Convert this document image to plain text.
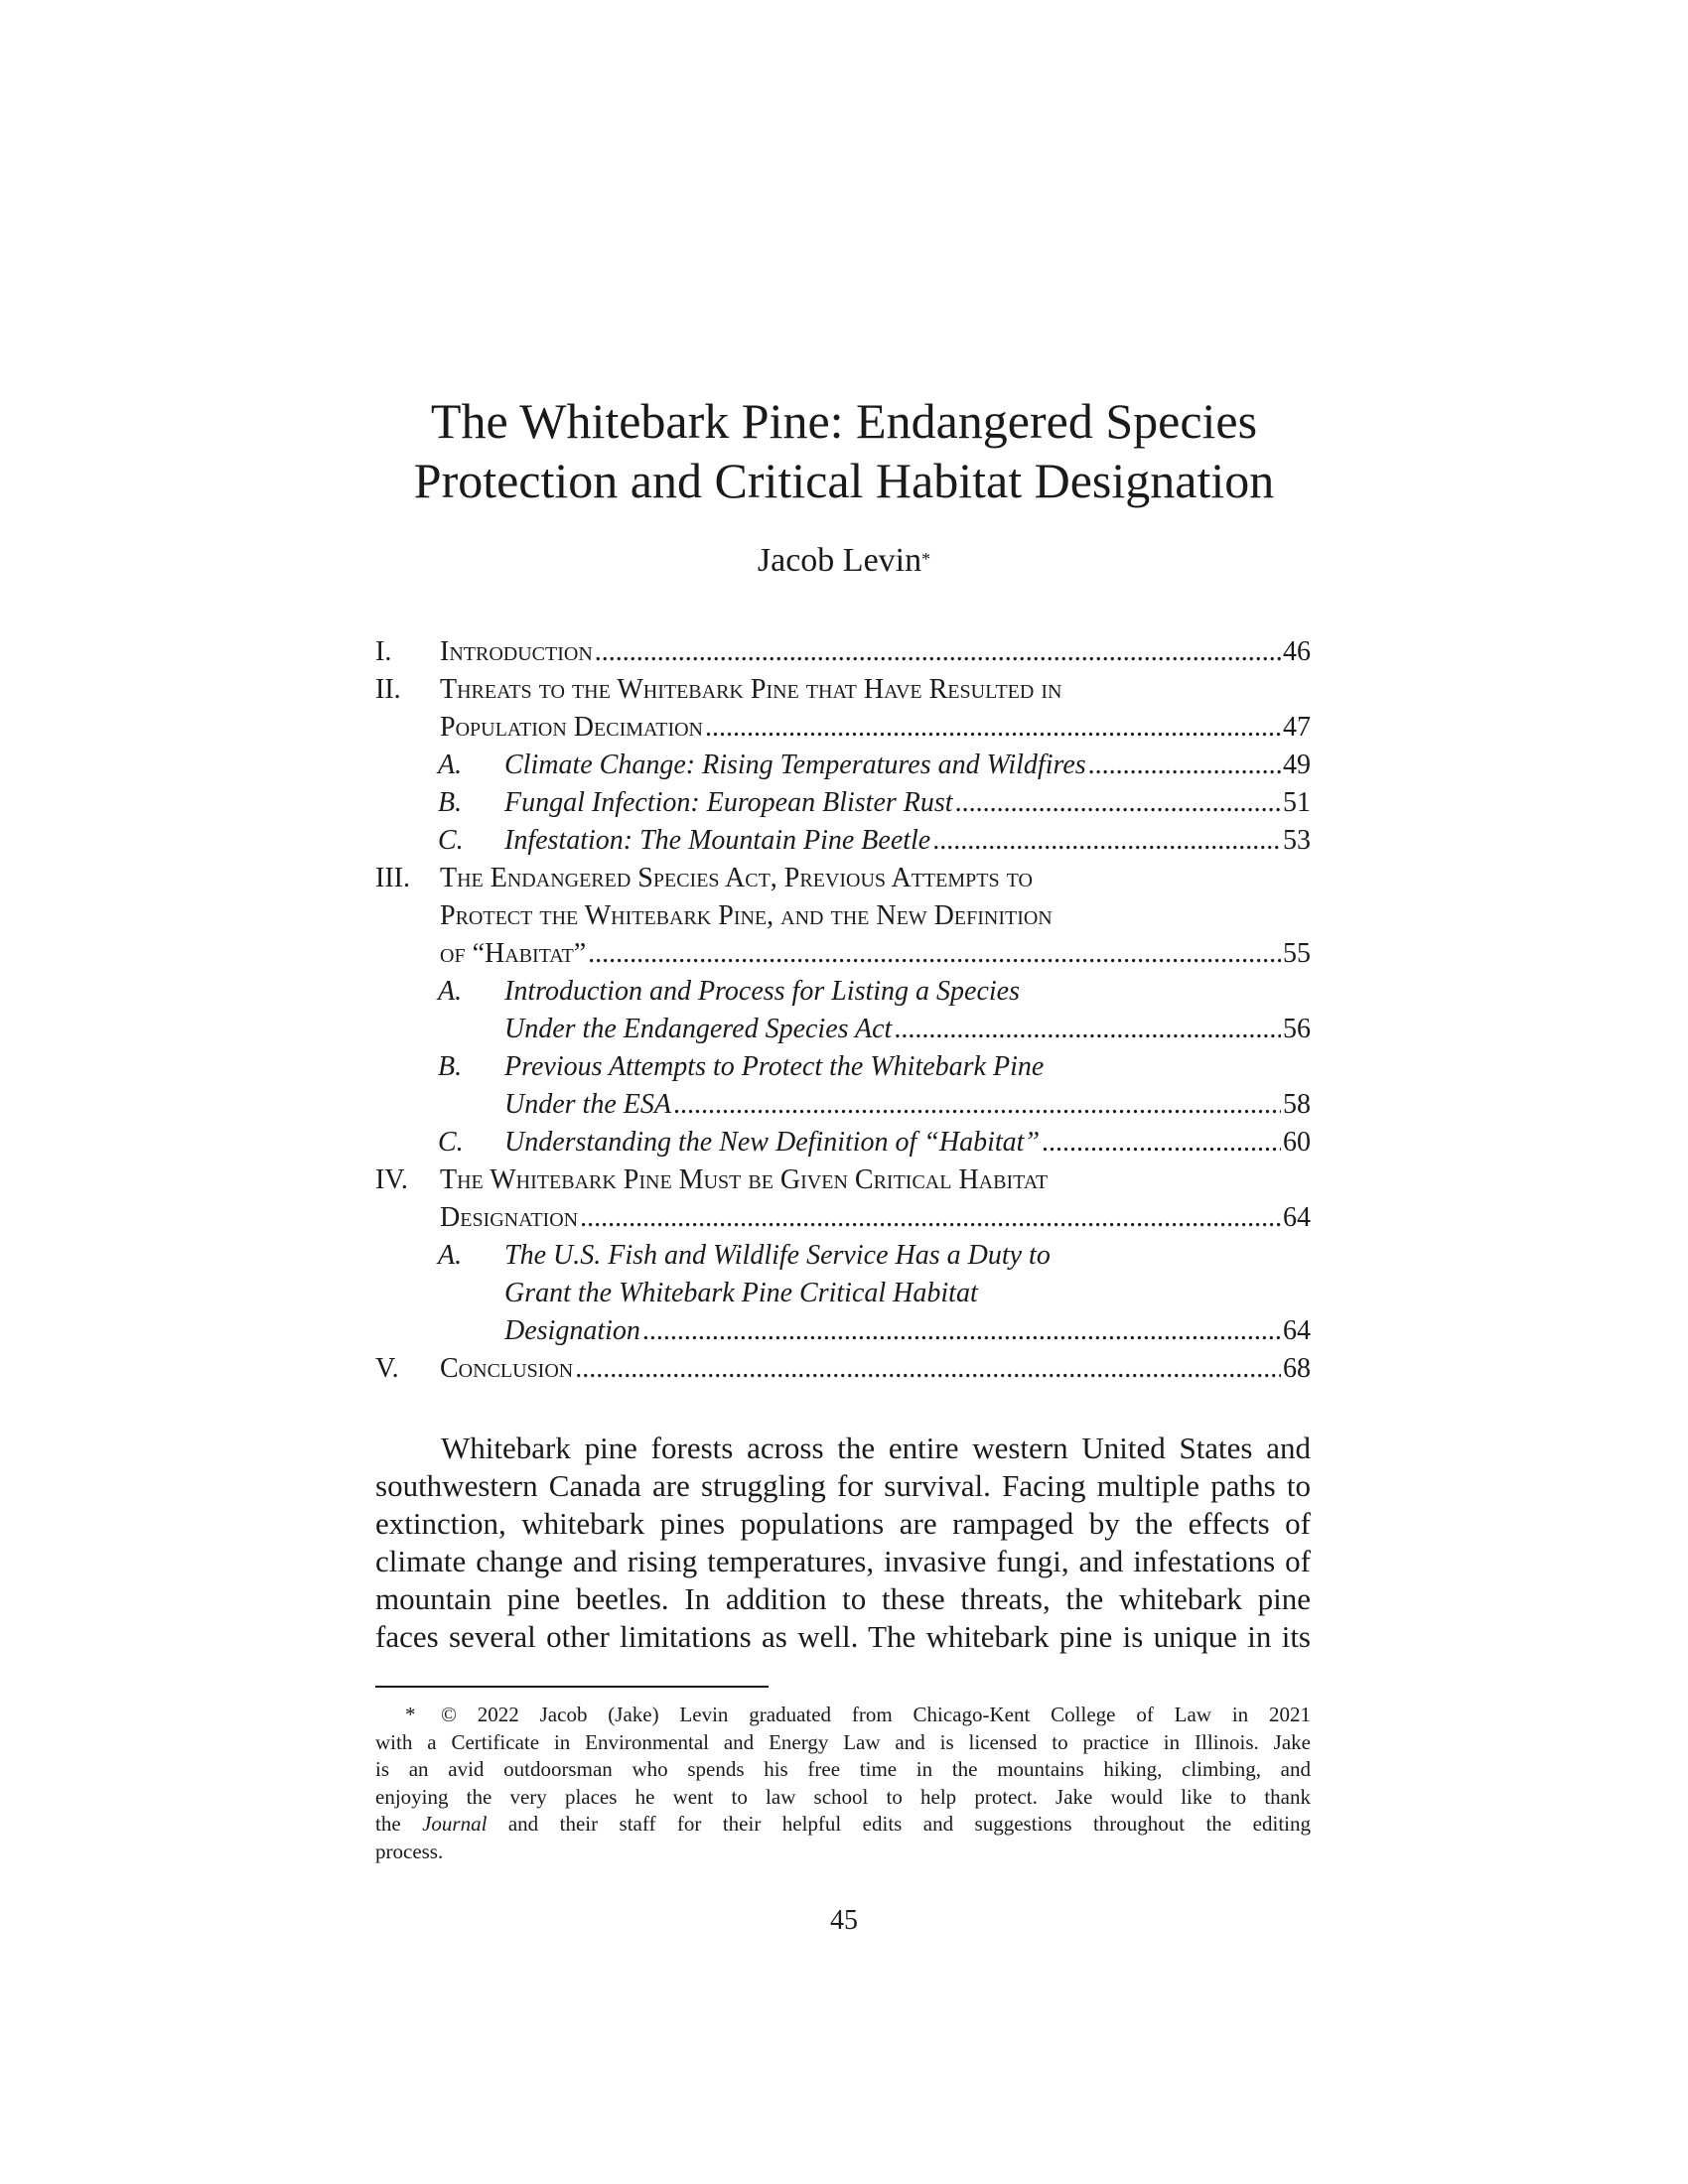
The Whitebark Pine: Endangered Species
Protection and Critical Habitat Designation
Jacob Levin*
I. Introduction .....	46
II. Threats to the Whitebark Pine that Have Resulted in
Population Decimation .....	47
A. Climate Change: Rising Temperatures and Wildfires .....	49
B. Fungal Infection: European Blister Rust .....	51
C. Infestation: The Mountain Pine Beetle .....	53
III. The Endangered Species Act, Previous Attempts to
Protect the Whitebark Pine, and the New Definition
of “Habitat” .....	55
A. Introduction and Process for Listing a Species
Under the Endangered Species Act .....	56
B. Previous Attempts to Protect the Whitebark Pine
Under the ESA .....	58
C. Understanding the New Definition of “Habitat” .....	60
IV. The Whitebark Pine Must be Given Critical Habitat
Designation .....	64
A. The U.S. Fish and Wildlife Service Has a Duty to
Grant the Whitebark Pine Critical Habitat
Designation .....	64
V. Conclusion .....	68
Whitebark pine forests across the entire western United States and
southwestern Canada are struggling for survival. Facing multiple paths to
extinction, whitebark pines populations are rampaged by the effects of
climate change and rising temperatures, invasive fungi, and infestations of
mountain pine beetles. In addition to these threats, the whitebark pine
faces several other limitations as well. The whitebark pine is unique in its
* © 2022 Jacob (Jake) Levin graduated from Chicago-Kent College of Law in 2021
with a Certificate in Environmental and Energy Law and is licensed to practice in Illinois. Jake
is an avid outdoorsman who spends his free time in the mountains hiking, climbing, and
enjoying the very places he went to law school to help protect. Jake would like to thank
the Journal and their staff for their helpful edits and suggestions throughout the editing
process.
45
